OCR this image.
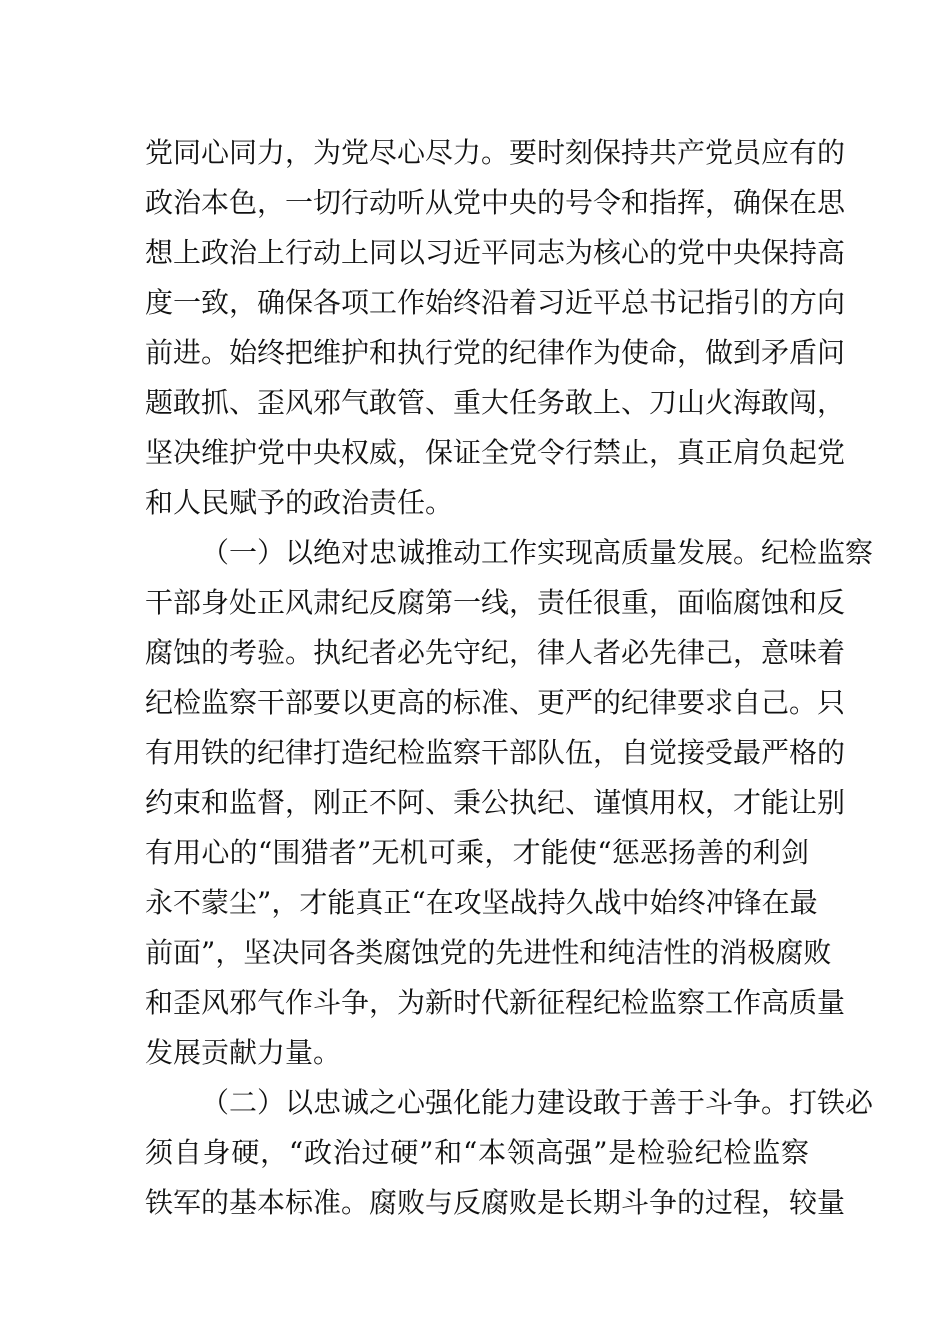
党同心同力，为党尽心尽力。要时刻保持共产党员应有的
政治本色，一切行动听从党中央的号令和指挥，确保在思
想上政治上行动上同以习近平同志为核心的党中央保持高
度一致，确保各项工作始终沿着习近平总书记指引的方向
前进。始终把维护和执行党的纪律作为使命，做到矛盾问
题敢抓、歪风邪气敢管、重大任务敢上、刀山火海敢闯，
坚决维护党中央权威，保证全党令行禁止，真正肩负起党
和人民赋予的政治责任。
（一）以绝对忠诚推动工作实现高质量发展。纪检监察
干部身处正风肃纪反腐第一线，责任很重，面临腐蚀和反
腐蚀的考验。执纪者必先守纪，律人者必先律己，意味着
纪检监察干部要以更高的标准、更严的纪律要求自己。只
有用铁的纪律打造纪检监察干部队伍，自觉接受最严格的
约束和监督，刚正不阿、秉公执纪、谨慎用权，才能让别
有用心的“围猎者”无机可乘，才能使“惩恶扬善的利剑
永不蒙尘”，才能真正“在攻坚战持久战中始终冲锋在最
前面”，坚决同各类腐蚀党的先进性和纯洁性的消极腐败
和歪风邪气作斗争，为新时代新征程纪检监察工作高质量
发展贡献力量。
（二）以忠诚之心强化能力建设敢于善于斗争。打铁必
须自身硬，“政治过硬”和“本领高强”是检验纪检监察
铁军的基本标准。腐败与反腐败是长期斗争的过程，较量
